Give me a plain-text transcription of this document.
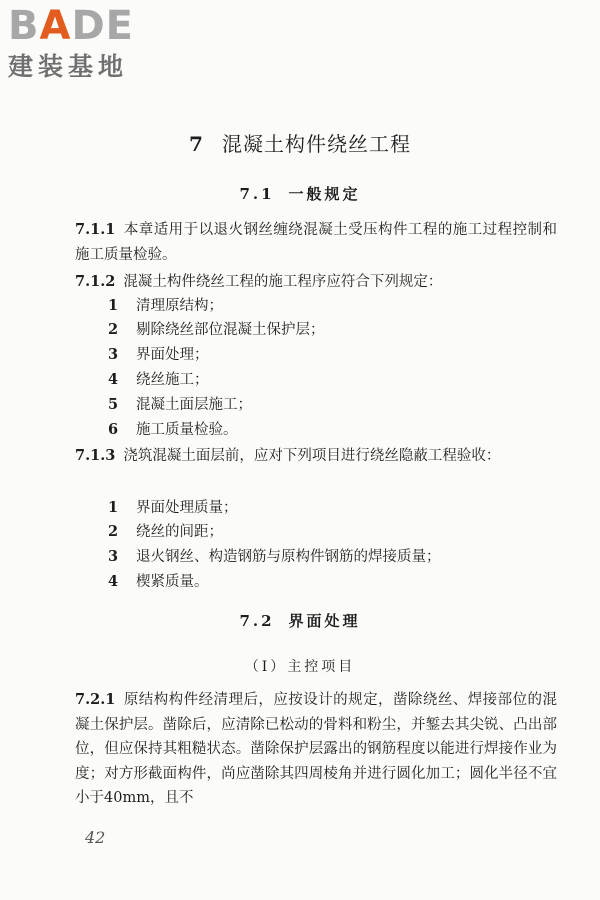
BADE
建装基地
7 混凝土构件绕丝工程
7.1 一般规定
7.1.1 本章适用于以退火钢丝缠绕混凝土受压构件工程的施工过程控制和施工质量检验。
7.1.2 混凝土构件绕丝工程的施工程序应符合下列规定：
1 清理原结构；
2 剔除绕丝部位混凝土保护层；
3 界面处理；
4 绕丝施工；
5 混凝土面层施工；
6 施工质量检验。
7.1.3 浇筑混凝土面层前，应对下列项目进行绕丝隐蔽工程验收：
1 界面处理质量；
2 绕丝的间距；
3 退火钢丝、构造钢筋与原构件钢筋的焊接质量；
4 楔紧质量。
7.2 界面处理
（Ⅰ）主控项目
7.2.1 原结构构件经清理后，应按设计的规定，凿除绕丝、焊接部位的混凝土保护层。凿除后，应清除已松动的骨料和粉尘，并錾去其尖锐、凸出部位，但应保持其粗糙状态。凿除保护层露出的钢筋程度以能进行焊接作业为度；对方形截面构件，尚应凿除其四周棱角并进行圆化加工；圆化半径不宜小于40mm，且不
42
